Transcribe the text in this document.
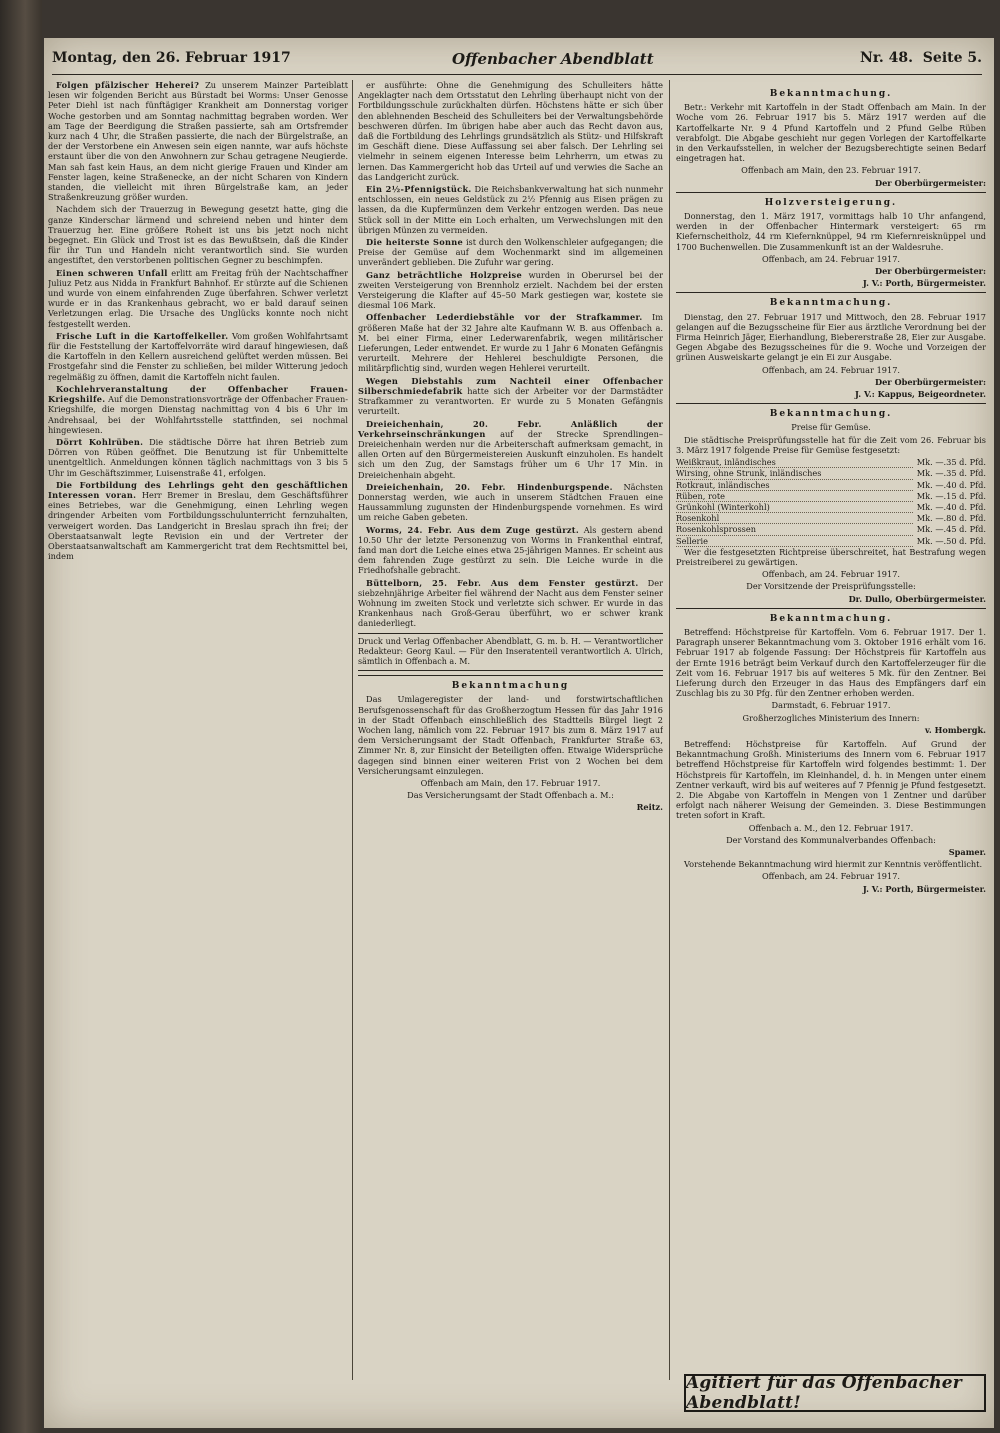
Montag, den 26. Februar 1917	Offenbacher Abendblatt	Nr. 48. Seite 5.

Folgen pfälzischer Heherei? Zu unserem Mainzer Parteiblatt lesen wir folgenden Bericht aus Bürstadt bei Worms: Unser Genosse Peter Diehl ist nach fünftägiger Krankheit am Donnerstag voriger Woche gestorben und am Sonntag nachmittag begraben worden. Wer am Tage der Beerdigung die Straßen passierte, sah am Ortsfremder kurz nach 4 Uhr, die Straßen passierte, die nach der Bürgelstraße, an der der Verstorbene ein Anwesen sein eigen nannte, war aufs höchste erstaunt über die von den Anwohnern zur Schau getragene Neugierde. Man sah fast kein Haus, an dem nicht gierige Frauen und Kinder am Fenster lagen, keine Straßenecke, an der nicht Scharen von Kindern standen, die vielleicht mit ihren Bürgelstraße kam, an jeder Straßenkreuzung größer wurden.

Nachdem sich der Trauerzug in Bewegung gesetzt hatte, ging die ganze Kinderschar lärmend und schreiend neben und hinter dem Trauerzug her. Eine größere Roheit ist uns bis jetzt noch nicht begegnet. Ein Glück und Trost ist es das Bewußtsein, daß die Kinder für ihr Tun und Handeln nicht verantwortlich sind. Sie wurden angestiftet, den verstorbenen politischen Gegner zu beschimpfen.

Einen schweren Unfall erlitt am Freitag früh der Nachtschaffner Juliuz Petz aus Nidda in Frankfurt Bahnhof. Er stürzte auf die Schienen und wurde von einem einfahrenden Zuge überfahren. Schwer verletzt wurde er in das Krankenhaus gebracht, wo er bald darauf seinen Verletzungen erlag. Die Ursache des Unglücks konnte noch nicht festgestellt werden.

Frische Luft in die Kartoffelkeller. Vom großen Wohlfahrtsamt für die Feststellung der Kartoffelvorräte wird darauf hingewiesen, daß die Kartoffeln in den Kellern ausreichend gelüftet werden müssen. Bei Frostgefahr sind die Fenster zu schließen, bei milder Witterung jedoch regelmäßig zu öffnen, damit die Kartoffeln nicht faulen.

Kochlehrveranstaltung der Offenbacher Frauen-Kriegshilfe. Auf die Demonstrationsvorträge der Offenbacher Frauen-Kriegshilfe, die morgen Dienstag nachmittag von 4 bis 6 Uhr im Andrehsaal, bei der Wohlfahrtsstelle stattfinden, sei nochmal hingewiesen.

Dörrt Kohlrüben. Die städtische Dörre hat ihren Betrieb zum Dörren von Rüben geöffnet. Die Benutzung ist für Unbemittelte unentgeltlich. Anmeldungen können täglich nachmittags von 3 bis 5 Uhr im Geschäftszimmer, Luisenstraße 41, erfolgen.

Die Fortbildung des Lehrlings geht den geschäftlichen Interessen voran. Herr Bremer in Breslau, dem Geschäftsführer eines Betriebes, war die Genehmigung, einen Lehrling wegen dringender Arbeiten vom Fortbildungsschulunterricht fernzuhalten, verweigert worden. Das Landgericht in Breslau sprach ihn frei; der Oberstaatsanwalt legte Revision ein und der Vertreter der Oberstaatsanwaltschaft am Kammergericht trat dem Rechtsmittel bei, indem

er ausführte: Ohne die Genehmigung des Schulleiters hätte Angeklagter nach dem Ortsstatut den Lehrling überhaupt nicht von der Fortbildungsschule zurückhalten dürfen. Höchstens hätte er sich über den ablehnenden Bescheid des Schulleiters bei der Verwaltungsbehörde beschweren dürfen. Im übrigen habe aber auch das Recht davon aus, daß die Fortbildung des Lehrlings grundsätzlich als Stütz- und Hilfskraft im Geschäft diene. Diese Auffassung sei aber falsch. Der Lehrling sei vielmehr in seinem eigenen Interesse beim Lehrherrn, um etwas zu lernen. Das Kammergericht hob das Urteil auf und verwies die Sache an das Landgericht zurück.

Ein 2½-Pfennigstück. Die Reichsbankverwaltung hat sich nunmehr entschlossen, ein neues Geldstück zu 2½ Pfennig aus Eisen prägen zu lassen, da die Kupfermünzen dem Verkehr entzogen werden. Das neue Stück soll in der Mitte ein Loch erhalten, um Verwechslungen mit den übrigen Münzen zu vermeiden.

Die heiterste Sonne ist durch den Wolkenschleier aufgegangen; die Preise der Gemüse auf dem Wochenmarkt sind im allgemeinen unverändert geblieben. Die Zufuhr war gering.

Ganz beträchtliche Holzpreise wurden in Oberursel bei der zweiten Versteigerung von Brennholz erzielt. Nachdem bei der ersten Versteigerung die Klafter auf 45–50 Mark gestiegen war, kostete sie diesmal 106 Mark.

Offenbacher Lederdiebstähle vor der Strafkammer. Im größeren Maße hat der 32 Jahre alte Kaufmann W. B. aus Offenbach a. M. bei einer Firma, einer Lederwarenfabrik, wegen militärischer Lieferungen, Leder entwendet. Er wurde zu 1 Jahr 6 Monaten Gefängnis verurteilt. Mehrere der Hehlerei beschuldigte Personen, die militärpflichtig sind, wurden wegen Hehlerei verurteilt.

Wegen Diebstahls zum Nachteil einer Offenbacher Silberschmiedefabrik hatte sich der Arbeiter vor der Darmstädter Strafkammer zu verantworten. Er wurde zu 5 Monaten Gefängnis verurteilt.

Dreieichenhain, 20. Febr. Anläßlich der Verkehrseinschränkungen auf der Strecke Sprendlingen–Dreieichenhain werden nur die Arbeiterschaft aufmerksam gemacht, in allen Orten auf den Bürgermeistereien Auskunft einzuholen. Es handelt sich um den Zug, der Samstags früher um 6 Uhr 17 Min. in Dreieichenhain abgeht.

Dreieichenhain, 20. Febr. Hindenburgspende. Nächsten Donnerstag werden, wie auch in unserem Städtchen Frauen eine Haussammlung zugunsten der Hindenburgspende vornehmen. Es wird um reiche Gaben gebeten.

Worms, 24. Febr. Aus dem Zuge gestürzt. Als gestern abend 10.50 Uhr der letzte Personenzug von Worms in Frankenthal eintraf, fand man dort die Leiche eines etwa 25-jährigen Mannes. Er scheint aus dem fahrenden Zuge gestürzt zu sein. Die Leiche wurde in die Friedhofshalle gebracht.

Büttelborn, 25. Febr. Aus dem Fenster gestürzt. Der siebzehnjährige Arbeiter fiel während der Nacht aus dem Fenster seiner Wohnung im zweiten Stock und verletzte sich schwer. Er wurde in das Krankenhaus nach Groß-Gerau überführt, wo er schwer krank daniederliegt.

Druck und Verlag Offenbacher Abendblatt, G. m. b. H. — Verantwortlicher Redakteur: Georg Kaul. — Für den Inseratenteil verantwortlich A. Ulrich, sämtlich in Offenbach a. M.
Bekanntmachung

Das Umlageregister der land- und forstwirtschaftlichen Berufsgenossenschaft für das Großherzogtum Hessen für das Jahr 1916 in der Stadt Offenbach einschließlich des Stadtteils Bürgel liegt 2 Wochen lang, nämlich vom 22. Februar 1917 bis zum 8. März 1917 auf dem Versicherungsamt der Stadt Offenbach, Frankfurter Straße 63, Zimmer Nr. 8, zur Einsicht der Beteiligten offen. Etwaige Widersprüche dagegen sind binnen einer weiteren Frist von 2 Wochen bei dem Versicherungsamt einzulegen.

Offenbach am Main, den 17. Februar 1917.

Das Versicherungsamt der Stadt Offenbach a. M.:

Reitz.

Bekanntmachung.

Betr.: Verkehr mit Kartoffeln in der Stadt Offenbach am Main. In der Woche vom 26. Februar 1917 bis 5. März 1917 werden auf die Kartoffelkarte Nr. 9 4 Pfund Kartoffeln und 2 Pfund Gelbe Rüben verabfolgt. Die Abgabe geschieht nur gegen Vorlegen der Kartoffelkarte in den Verkaufsstellen, in welcher der Bezugsberechtigte seinen Bedarf eingetragen hat.

Offenbach am Main, den 23. Februar 1917.

Der Oberbürgermeister:

Holzversteigerung.

Donnerstag, den 1. März 1917, vormittags halb 10 Uhr anfangend, werden in der Offenbacher Hintermark versteigert: 65 rm Kiefernscheitholz, 44 rm Kiefernknüppel, 94 rm Kiefernreisknüppel und 1700 Buchenwellen. Die Zusammenkunft ist an der Waldesruhe.

Offenbach, am 24. Februar 1917.

Der Oberbürgermeister:

J. V.: Porth, Bürgermeister.

Bekanntmachung.

Dienstag, den 27. Februar 1917 und Mittwoch, den 28. Februar 1917 gelangen auf die Bezugsscheine für Eier aus ärztliche Verordnung bei der Firma Heinrich Jäger, Eierhandlung, Biebererstraße 28, Eier zur Ausgabe. Gegen Abgabe des Bezugsscheines für die 9. Woche und Vorzeigen der grünen Ausweiskarte gelangt je ein Ei zur Ausgabe.

Offenbach, am 24. Februar 1917.

Der Oberbürgermeister:

J. V.: Kappus, Beigeordneter.

Bekanntmachung.

Preise für Gemüse.

Die städtische Preisprüfungsstelle hat für die Zeit vom 26. Februar bis 3. März 1917 folgende Preise für Gemüse festgesetzt:

Weißkraut, inländisches	Mk. —.35 d. Pfd.
Wirsing, ohne Strunk, inländisches	Mk. —.35 d. Pfd.
Rotkraut, inländisches	Mk. —.40 d. Pfd.
Rüben, rote	Mk. —.15 d. Pfd.
Grünkohl (Winterkohl)	Mk. —.40 d. Pfd.
Rosenkohl	Mk. —.80 d. Pfd.
Rosenkohlsprossen	Mk. —.45 d. Pfd.
Sellerie	Mk. —.50 d. Pfd.

Wer die festgesetzten Richtpreise überschreitet, hat Bestrafung wegen Preistreiberei zu gewärtigen.

Offenbach, am 24. Februar 1917.

Der Vorsitzende der Preisprüfungsstelle:

Dr. Dullo, Oberbürgermeister.

Bekanntmachung.

Betreffend: Höchstpreise für Kartoffeln. Vom 6. Februar 1917. Der 1. Paragraph unserer Bekanntmachung vom 3. Oktober 1916 erhält vom 16. Februar 1917 ab folgende Fassung: Der Höchstpreis für Kartoffeln aus der Ernte 1916 beträgt beim Verkauf durch den Kartoffelerzeuger für die Zeit vom 16. Februar 1917 bis auf weiteres 5 Mk. für den Zentner. Bei Lieferung durch den Erzeuger in das Haus des Empfängers darf ein Zuschlag bis zu 30 Pfg. für den Zentner erhoben werden.

Darmstadt, 6. Februar 1917.

Großherzogliches Ministerium des Innern:

v. Hombergk.

Betreffend: Höchstpreise für Kartoffeln. Auf Grund der Bekanntmachung Großh. Ministeriums des Innern vom 6. Februar 1917 betreffend Höchstpreise für Kartoffeln wird folgendes bestimmt: 1. Der Höchstpreis für Kartoffeln, im Kleinhandel, d. h. in Mengen unter einem Zentner verkauft, wird bis auf weiteres auf 7 Pfennig je Pfund festgesetzt. 2. Die Abgabe von Kartoffeln in Mengen von 1 Zentner und darüber erfolgt nach näherer Weisung der Gemeinden. 3. Diese Bestimmungen treten sofort in Kraft.

Offenbach a. M., den 12. Februar 1917.

Der Vorstand des Kommunalverbandes Offenbach:

Spamer.

Vorstehende Bekanntmachung wird hiermit zur Kenntnis veröffentlicht.

Offenbach, am 24. Februar 1917.

J. V.: Porth, Bürgermeister.

Agitiert für das Offenbacher Abendblatt!
